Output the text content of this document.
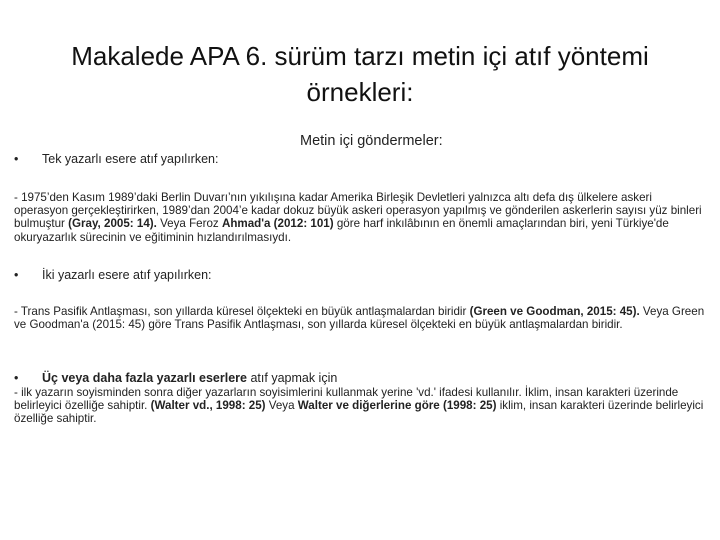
Makalede APA 6. sürüm tarzı metin içi atıf yöntemi örnekleri:
Metin içi göndermeler:
•	Tek yazarlı esere atıf yapılırken:
- 1975’den Kasım 1989’daki Berlin Duvarı’nın yıkılışına kadar Amerika Birleşik Devletleri yalnızca altı defa dış ülkelere askeri operasyon gerçekleştirirken, 1989’dan 2004’e kadar dokuz büyük askeri operasyon yapılmış ve gönderilen askerlerin sayısı yüz binleri bulmuştur (Gray, 2005: 14). Veya Feroz Ahmad'a (2012: 101) göre harf inkılâbının en önemli amaçlarından biri, yeni Türkiye'de okuryazarlık sürecinin ve eğitiminin hızlandırılmasıydı.
•	İki yazarlı esere atıf yapılırken:
- Trans Pasifik Antlaşması, son yıllarda küresel ölçekteki en büyük antlaşmalardan biridir (Green ve Goodman, 2015: 45). Veya Green ve Goodman'a (2015: 45) göre Trans Pasifik Antlaşması, son yıllarda küresel ölçekteki en büyük antlaşmalardan biridir.
•	Üç veya daha fazla yazarlı eserlere atıf yapmak için
- ilk yazarın soyisminden sonra diğer yazarların soyisimlerini kullanmak yerine 'vd.' ifadesi kullanılır. İklim, insan karakteri üzerinde belirleyici özelliğe sahiptir. (Walter vd., 1998: 25) Veya Walter ve diğerlerine göre (1998: 25) iklim, insan karakteri üzerinde belirleyici özelliğe sahiptir.
